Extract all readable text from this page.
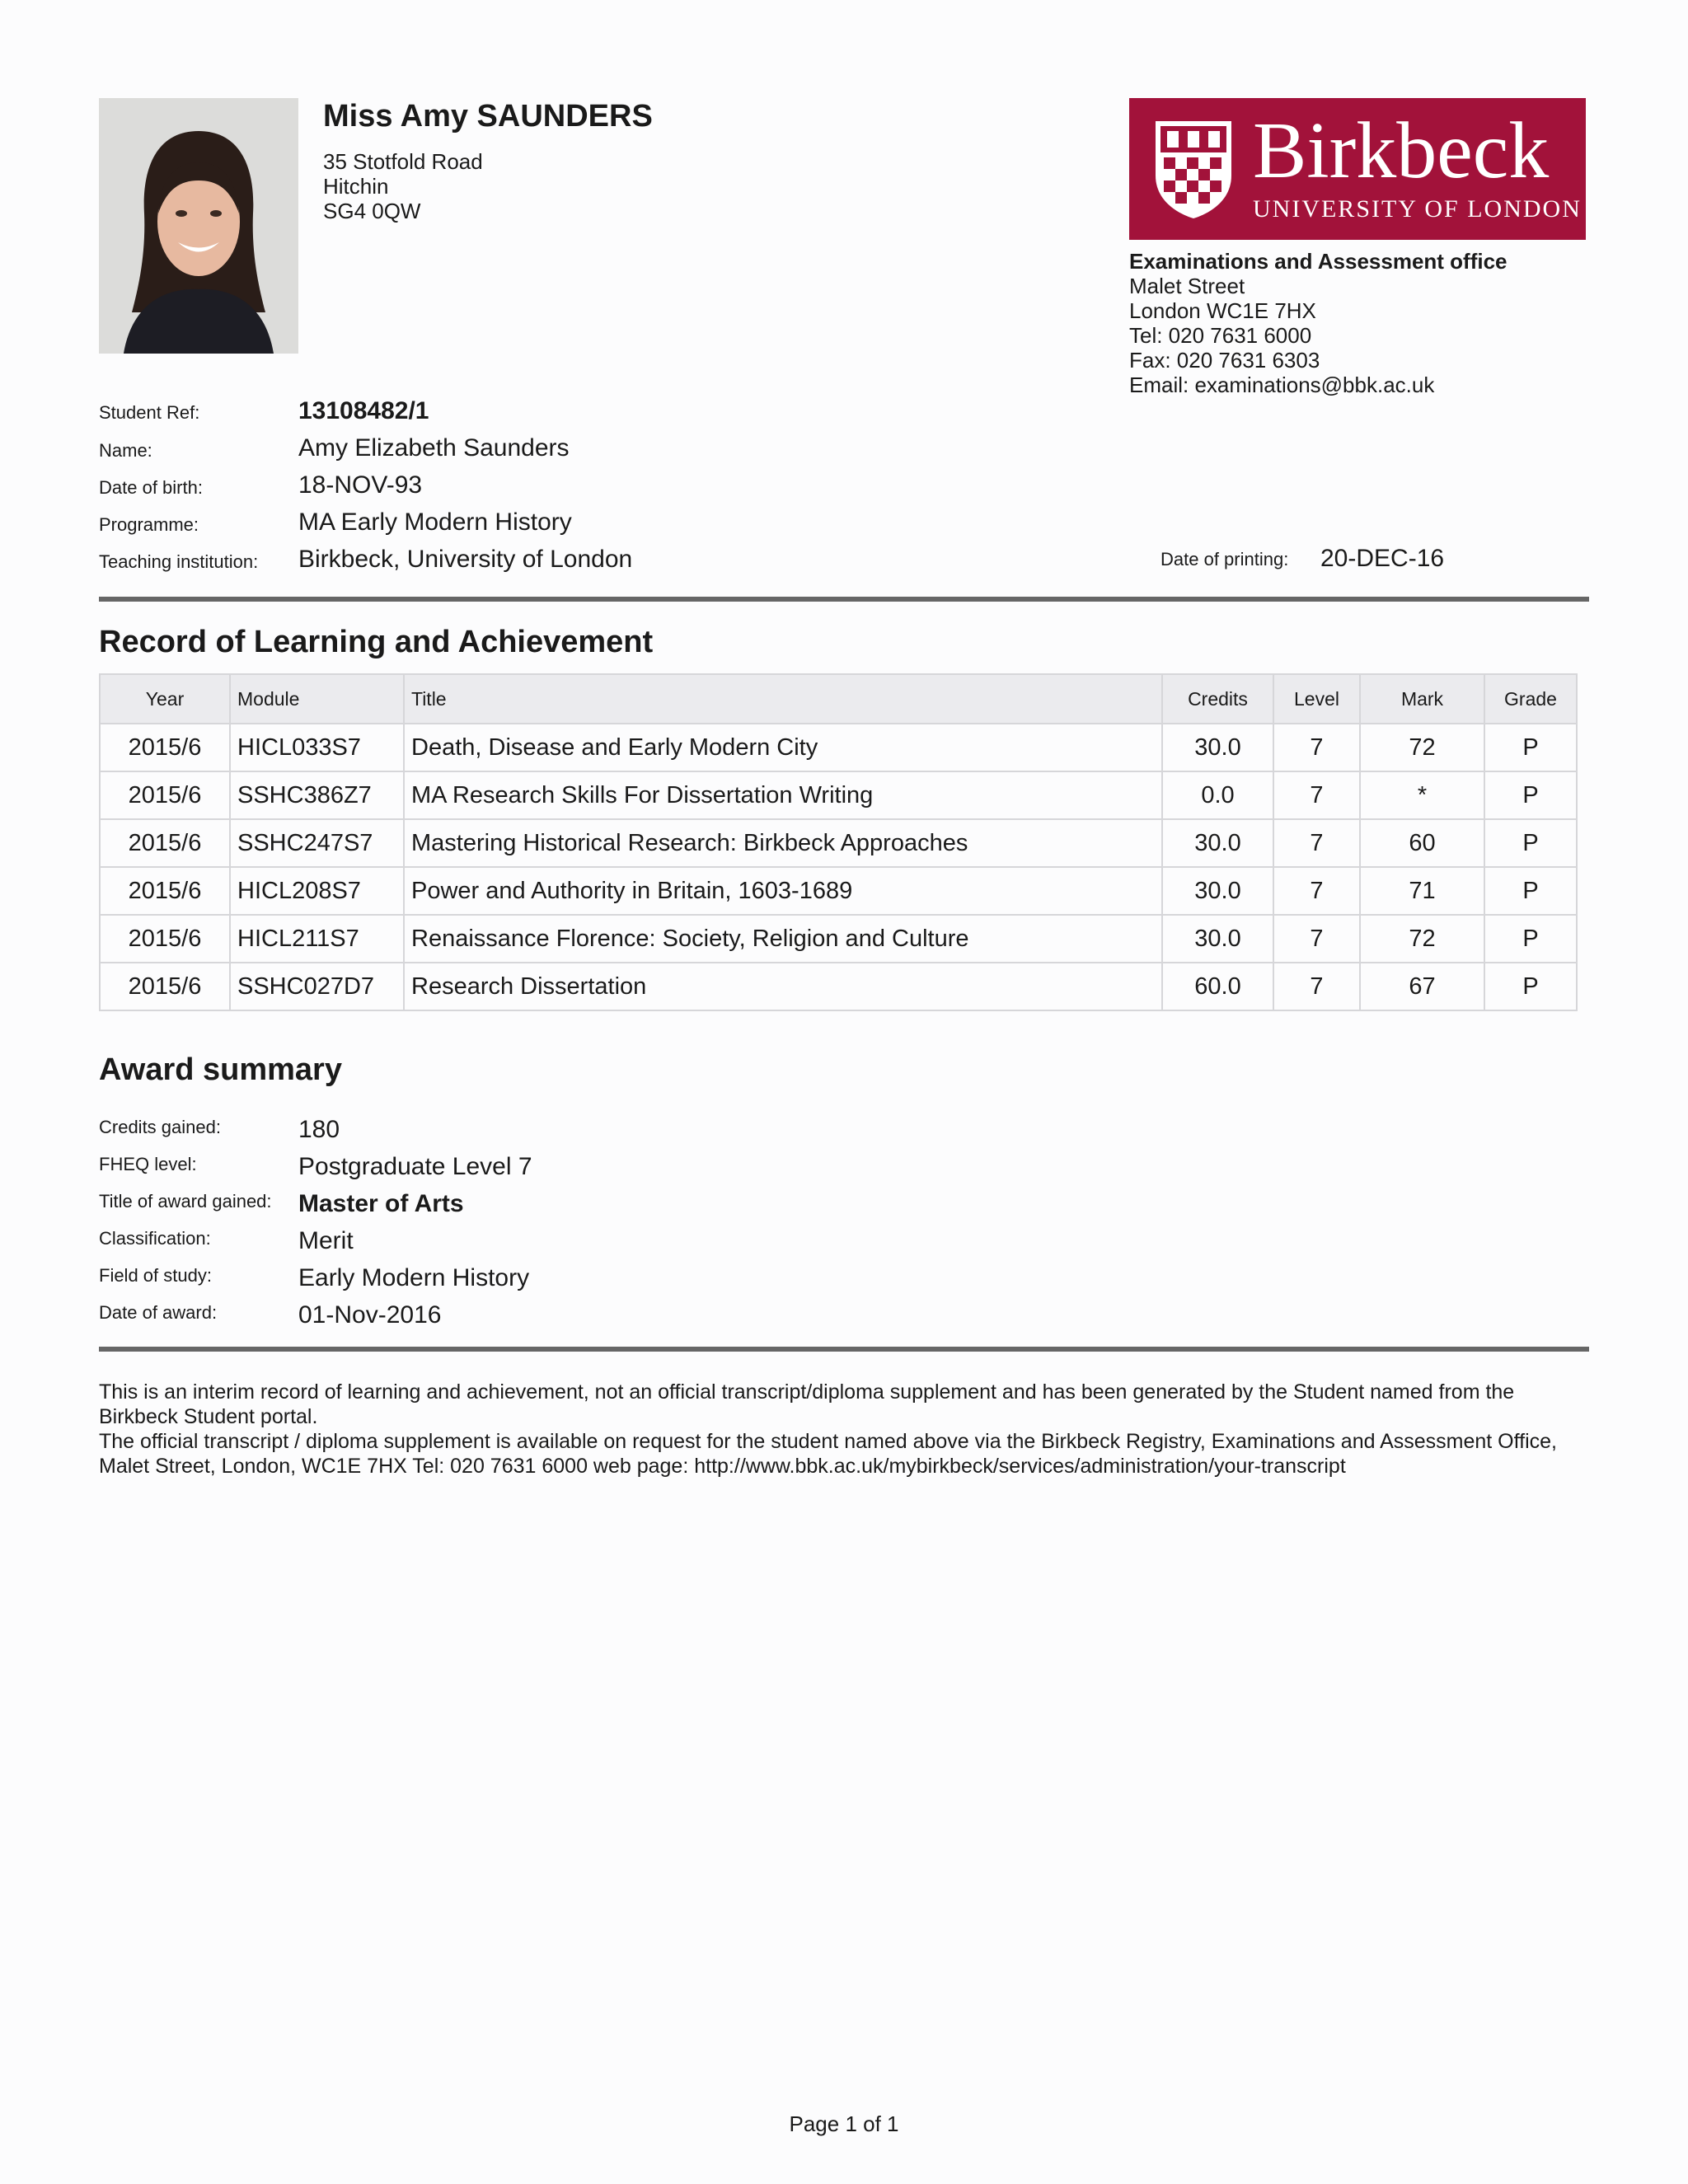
Miss Amy SAUNDERS
35 Stotfold Road
Hitchin
SG4 0QW
Birkbeck
UNIVERSITY OF LONDON
Examinations and Assessment office
Malet Street
London WC1E 7HX
Tel: 020 7631 6000
Fax: 020 7631 6303
Email: examinations@bbk.ac.uk
Student Ref:	13108482/1
Name:	Amy Elizabeth Saunders
Date of birth:	18-NOV-93
Programme:	MA Early Modern History
Teaching institution: Birkbeck, University of London	Date of printing: 20-DEC-16
Record of Learning and Achievement
Year	Module	Title	Credits	Level	Mark	Grade
2015/6	HICL033S7	Death, Disease and Early Modern City	30.0	7	72	P
2015/6	SSHC386Z7	MA Research Skills For Dissertation Writing	0.0	7	*	P
2015/6	SSHC247S7	Mastering Historical Research: Birkbeck Approaches	30.0	7	60	P
2015/6	HICL208S7	Power and Authority in Britain, 1603-1689	30.0	7	71	P
2015/6	HICL211S7	Renaissance Florence: Society, Religion and Culture	30.0	7	72	P
2015/6	SSHC027D7	Research Dissertation	60.0	7	67	P
Award summary
Credits gained:	180
FHEQ level:	Postgraduate Level 7
Title of award gained: Master of Arts
Classification:	Merit
Field of study:	Early Modern History
Date of award:	01-Nov-2016

This is an interim record of learning and achievement, not an official transcript/diploma supplement and has been generated by the Student named from the Birkbeck Student portal.

The official transcript / diploma supplement is available on request for the student named above via the Birkbeck Registry, Examinations and Assessment Office, Malet Street, London, WC1E 7HX Tel: 020 7631 6000 web page: http://www.bbk.ac.uk/mybirkbeck/services/administration/your-transcript

Page 1 of 1
